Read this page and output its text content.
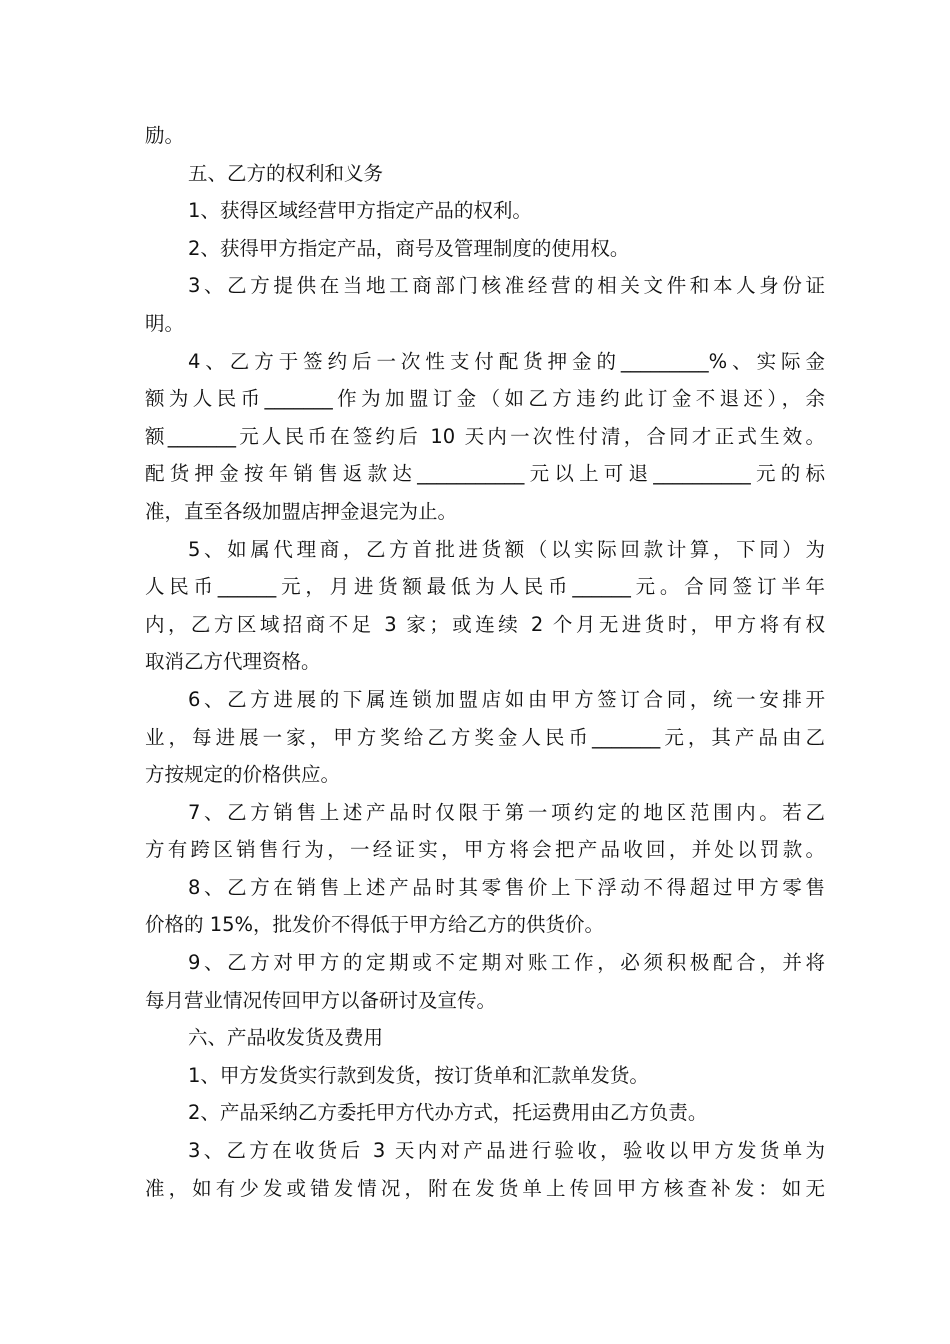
励。
五、乙方的权利和义务
1、获得区域经营甲方指定产品的权利。
2、获得甲方指定产品，商号及管理制度的使用权。
3、乙方提供在当地工商部门核准经营的相关文件和本人身份证
明。
4、乙方于签约后一次性支付配货押金的_________%、实际金
额为人民币_______作为加盟订金（如乙方违约此订金不退还），余
额_______元人民币在签约后 10 天内一次性付清，合同才正式生效。
配货押金按年销售返款达___________元以上可退__________元的标
准，直至各级加盟店押金退完为止。
5、如属代理商，乙方首批进货额（以实际回款计算，下同）为
人民币______元，月进货额最低为人民币______元。合同签订半年
内，乙方区域招商不足 3 家；或连续 2 个月无进货时，甲方将有权
取消乙方代理资格。
6、乙方进展的下属连锁加盟店如由甲方签订合同，统一安排开
业，每进展一家，甲方奖给乙方奖金人民币_______元，其产品由乙
方按规定的价格供应。
7、乙方销售上述产品时仅限于第一项约定的地区范围内。若乙
方有跨区销售行为，一经证实，甲方将会把产品收回，并处以罚款。
8、乙方在销售上述产品时其零售价上下浮动不得超过甲方零售
价格的 15%，批发价不得低于甲方给乙方的供货价。
9、乙方对甲方的定期或不定期对账工作，必须积极配合，并将
每月营业情况传回甲方以备研讨及宣传。
六、产品收发货及费用
1、甲方发货实行款到发货，按订货单和汇款单发货。
2、产品采纳乙方委托甲方代办方式，托运费用由乙方负责。
3、乙方在收货后 3 天内对产品进行验收，验收以甲方发货单为
准，如有少发或错发情况，附在发货单上传回甲方核查补发：如无
